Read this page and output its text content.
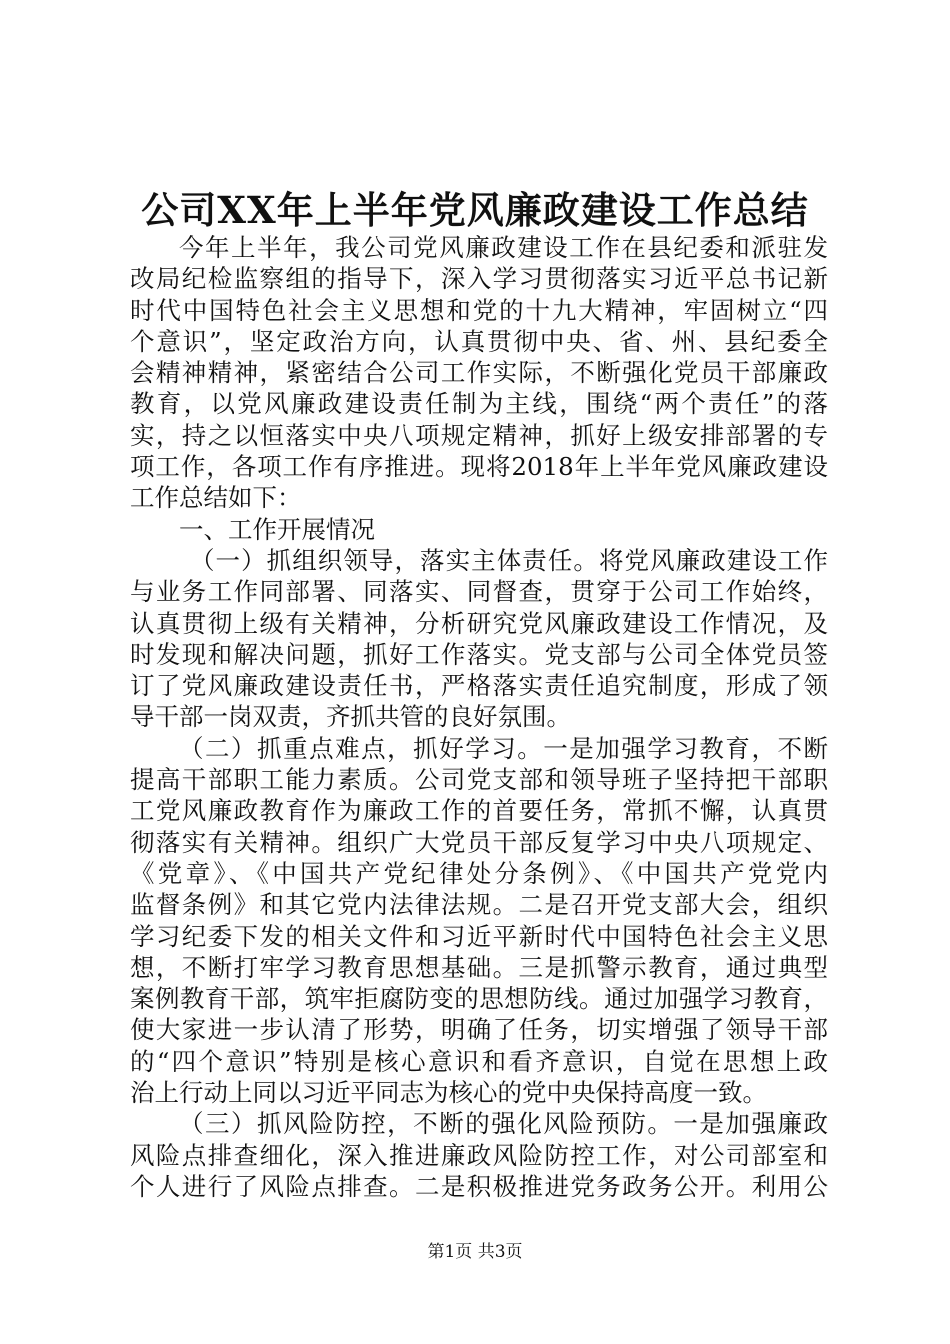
公司XX年上半年党风廉政建设工作总结
今年上半年，我公司党风廉政建设工作在县纪委和派驻发
改局纪检监察组的指导下，深入学习贯彻落实习近平总书记新
时代中国特色社会主义思想和党的十九大精神，牢固树立“四
个意识”，坚定政治方向，认真贯彻中央、省、州、县纪委全
会精神精神，紧密结合公司工作实际，不断强化党员干部廉政
教育，以党风廉政建设责任制为主线，围绕“两个责任”的落
实，持之以恒落实中央八项规定精神，抓好上级安排部署的专
项工作，各项工作有序推进。现将2018年上半年党风廉政建设
工作总结如下：
一、工作开展情况
（一）抓组织领导，落实主体责任。将党风廉政建设工作
与业务工作同部署、同落实、同督查，贯穿于公司工作始终，
认真贯彻上级有关精神，分析研究党风廉政建设工作情况，及
时发现和解决问题，抓好工作落实。党支部与公司全体党员签
订了党风廉政建设责任书，严格落实责任追究制度，形成了领
导干部一岗双责，齐抓共管的良好氛围。
（二）抓重点难点，抓好学习。一是加强学习教育，不断
提高干部职工能力素质。公司党支部和领导班子坚持把干部职
工党风廉政教育作为廉政工作的首要任务，常抓不懈，认真贯
彻落实有关精神。组织广大党员干部反复学习中央八项规定、
《党章》、《中国共产党纪律处分条例》、《中国共产党党内
监督条例》和其它党内法律法规。二是召开党支部大会，组织
学习纪委下发的相关文件和习近平新时代中国特色社会主义思
想，不断打牢学习教育思想基础。三是抓警示教育，通过典型
案例教育干部，筑牢拒腐防变的思想防线。通过加强学习教育，
使大家进一步认清了形势，明确了任务，切实增强了领导干部
的“四个意识”特别是核心意识和看齐意识，自觉在思想上政
治上行动上同以习近平同志为核心的党中央保持高度一致。
（三）抓风险防控，不断的强化风险预防。一是加强廉政
风险点排查细化，深入推进廉政风险防控工作，对公司部室和
个人进行了风险点排查。二是积极推进党务政务公开。利用公
第1页 共3页
